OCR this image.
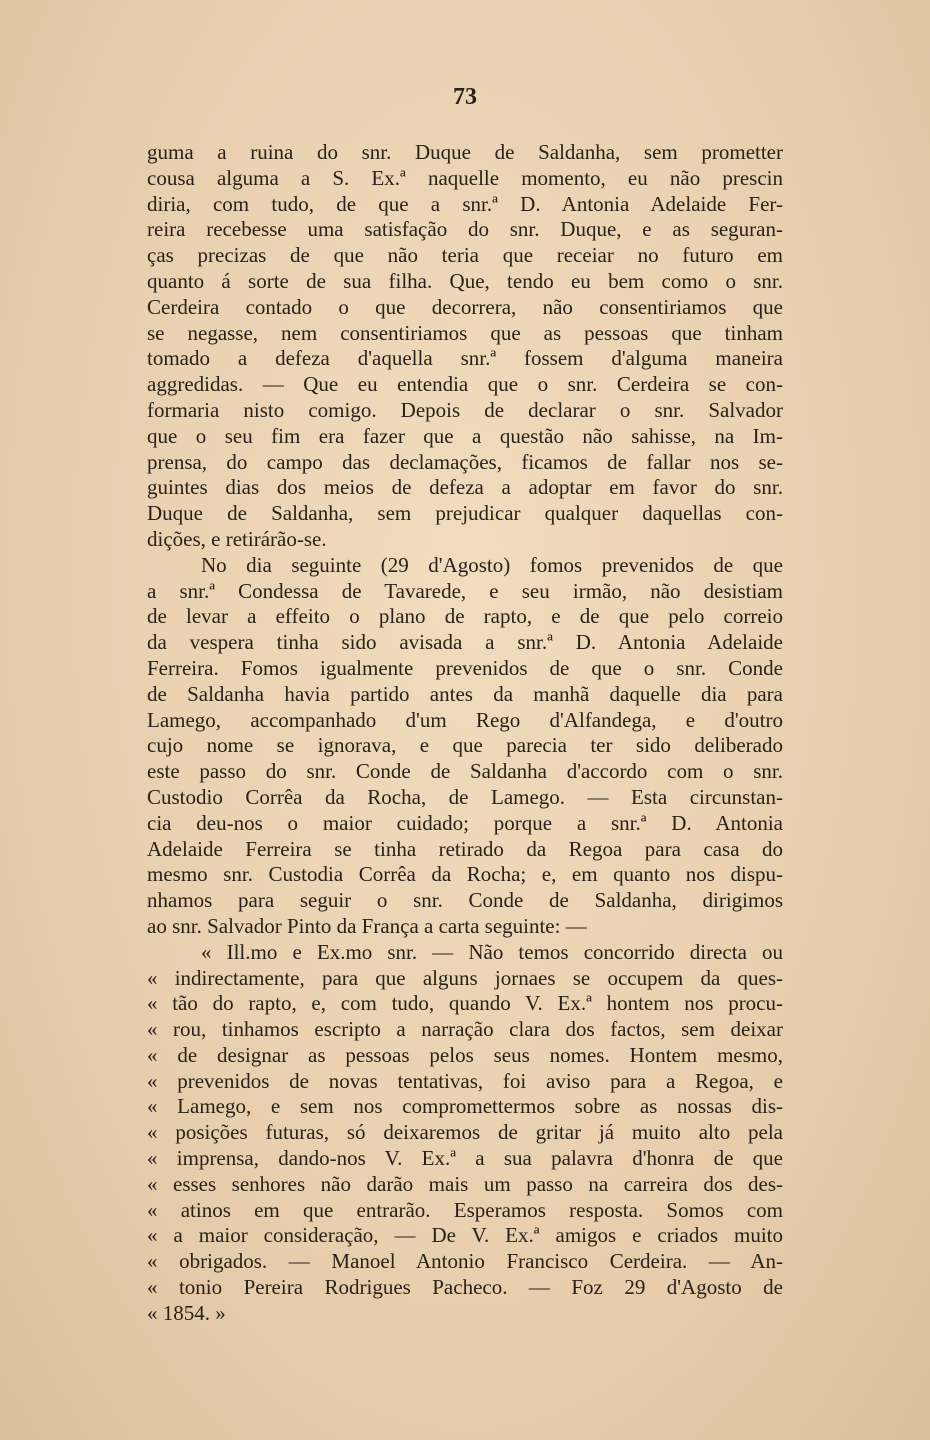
73
guma a ruina do snr. Duque de Saldanha, sem prometter
cousa alguma a S. Ex.ª naquelle momento, eu não prescin
diria, com tudo, de que a snr.ª D. Antonia Adelaide Fer-
reira recebesse uma satisfação do snr. Duque, e as seguran-
ças precizas de que não teria que receiar no futuro em
quanto á sorte de sua filha. Que, tendo eu bem como o snr.
Cerdeira contado o que decorrera, não consentiriamos que
se negasse, nem consentiriamos que as pessoas que tinham
tomado a defeza d'aquella snr.ª fossem d'alguma maneira
aggredidas. — Que eu entendia que o snr. Cerdeira se con-
formaria nisto comigo. Depois de declarar o snr. Salvador
que o seu fim era fazer que a questão não sahisse, na Im-
prensa, do campo das declamações, ficamos de fallar nos se-
guintes dias dos meios de defeza a adoptar em favor do snr.
Duque de Saldanha, sem prejudicar qualquer daquellas con-
dições, e retirárão-se.
No dia seguinte (29 d'Agosto) fomos prevenidos de que
a snr.ª Condessa de Tavarede, e seu irmão, não desistiam
de levar a effeito o plano de rapto, e de que pelo correio
da vespera tinha sido avisada a snr.ª D. Antonia Adelaide
Ferreira. Fomos igualmente prevenidos de que o snr. Conde
de Saldanha havia partido antes da manhã daquelle dia para
Lamego, accompanhado d'um Rego d'Alfandega, e d'outro
cujo nome se ignorava, e que parecia ter sido deliberado
este passo do snr. Conde de Saldanha d'accordo com o snr.
Custodio Corrêa da Rocha, de Lamego. — Esta circunstan-
cia deu-nos o maior cuidado; porque a snr.ª D. Antonia
Adelaide Ferreira se tinha retirado da Regoa para casa do
mesmo snr. Custodia Corrêa da Rocha; e, em quanto nos dispu-
nhamos para seguir o snr. Conde de Saldanha, dirigimos
ao snr. Salvador Pinto da França a carta seguinte: —
« Ill.mo e Ex.mo snr. — Não temos concorrido directa ou
« indirectamente, para que alguns jornaes se occupem da ques-
« tão do rapto, e, com tudo, quando V. Ex.ª hontem nos procu-
« rou, tinhamos escripto a narração clara dos factos, sem deixar
« de designar as pessoas pelos seus nomes. Hontem mesmo,
« prevenidos de novas tentativas, foi aviso para a Regoa, e
« Lamego, e sem nos compromettermos sobre as nossas dis-
« posições futuras, só deixaremos de gritar já muito alto pela
« imprensa, dando-nos V. Ex.ª a sua palavra d'honra de que
« esses senhores não darão mais um passo na carreira dos des-
« atinos em que entrarão. Esperamos resposta. Somos com
« a maior consideração, — De V. Ex.ª amigos e criados muito
« obrigados. — Manoel Antonio Francisco Cerdeira. — An-
« tonio Pereira Rodrigues Pacheco. — Foz 29 d'Agosto de
« 1854. »
